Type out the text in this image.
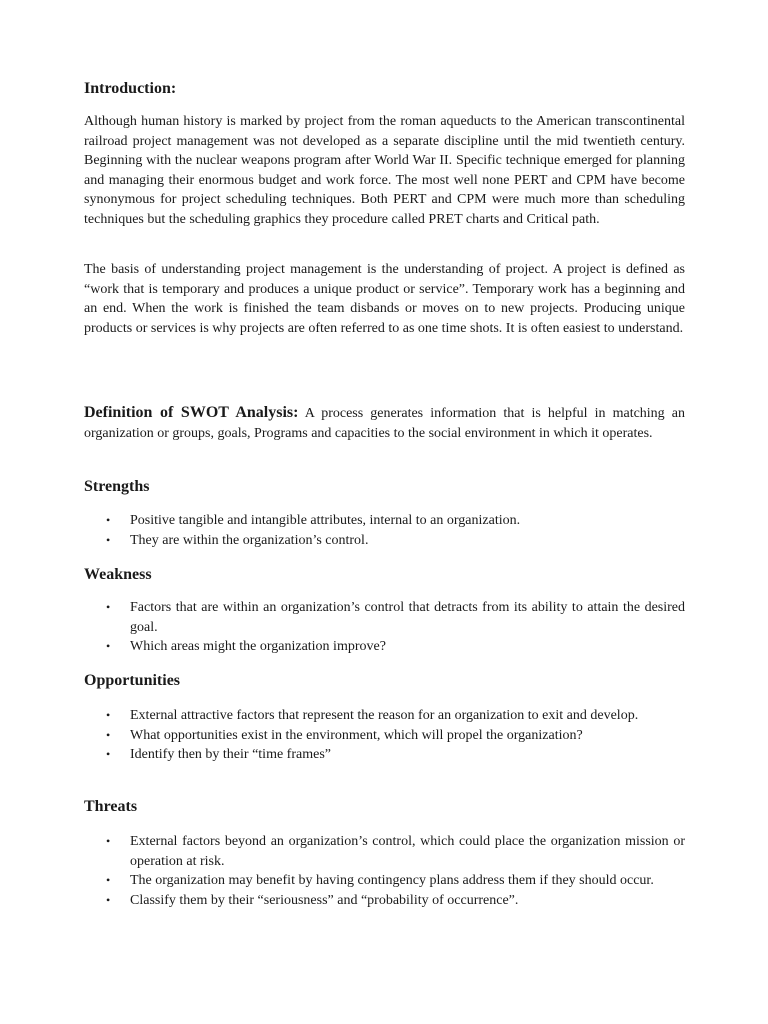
Introduction:

Although human history is marked by project from the roman aqueducts to the American transcontinental railroad project management was not developed as a separate discipline until the mid twentieth century. Beginning with the nuclear weapons program after World War II. Specific technique emerged for planning and managing their enormous budget and work force. The most well none PERT and CPM have become synonymous for project scheduling techniques. Both PERT and CPM were much more than scheduling techniques but the scheduling graphics they procedure called PRET charts and Critical path.

The basis of understanding project management is the understanding of project. A project is defined as “work that is temporary and produces a unique product or service”. Temporary work has a beginning and an end. When the work is finished the team disbands or moves on to new projects. Producing unique products or services is why projects are often referred to as one time shots. It is often easiest to understand.

Definition of SWOT Analysis: A process generates information that is helpful in matching an organization or groups, goals, Programs and capacities to the social environment in which it operates.

Strengths
• Positive tangible and intangible attributes, internal to an organization.
• They are within the organization’s control.
Weakness
• Factors that are within an organization’s control that detracts from its ability to attain the desired goal.
• Which areas might the organization improve?
Opportunities
• External attractive factors that represent the reason for an organization to exit and develop.
• What opportunities exist in the environment, which will propel the organization?
• Identify then by their “time frames”
Threats
• External factors beyond an organization’s control, which could place the organization mission or operation at risk.
• The organization may benefit by having contingency plans address them if they should occur.
• Classify them by their “seriousness” and “probability of occurrence”.
